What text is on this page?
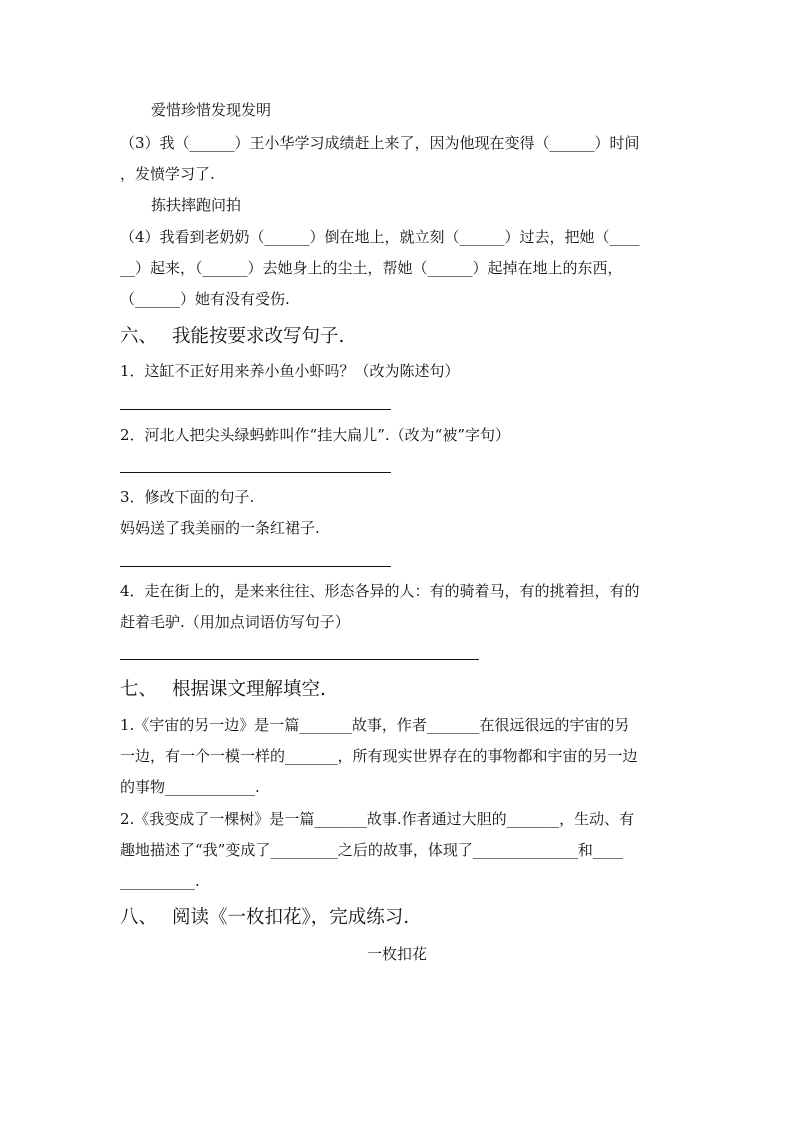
爱惜珍惜发现发明
（3）我（______）王小华学习成绩赶上来了，因为他现在变得（______）时间
，发愤学习了.
拣扶摔跑问拍
（4）我看到老奶奶（______）倒在地上，就立刻（______）过去，把她（____
__）起来，（______）去她身上的尘土，帮她（______）起掉在地上的东西，
（______）她有没有受伤.
六、 我能按要求改写句子.
1．这缸不正好用来养小鱼小虾吗？（改为陈述句）
2．河北人把尖头绿蚂蚱叫作“挂大扁儿”.（改为“被”字句）
3．修改下面的句子.
妈妈送了我美丽的一条红裙子.
4．走在街上的，是来来往往、形态各异的人：有的骑着马，有的挑着担，有的
赶着毛驴.（用加点词语仿写句子）
七、 根据课文理解填空.
1.《宇宙的另一边》是一篇_______故事，作者_______在很远很远的宇宙的另
一边，有一个一模一样的_______，所有现实世界存在的事物都和宇宙的另一边
的事物____________.
2.《我变成了一棵树》是一篇_______故事.作者通过大胆的_______，生动、有
趣地描述了“我”变成了_________之后的故事，体现了______________和____
__________.
八、 阅读《一枚扣花》，完成练习.
一枚扣花
